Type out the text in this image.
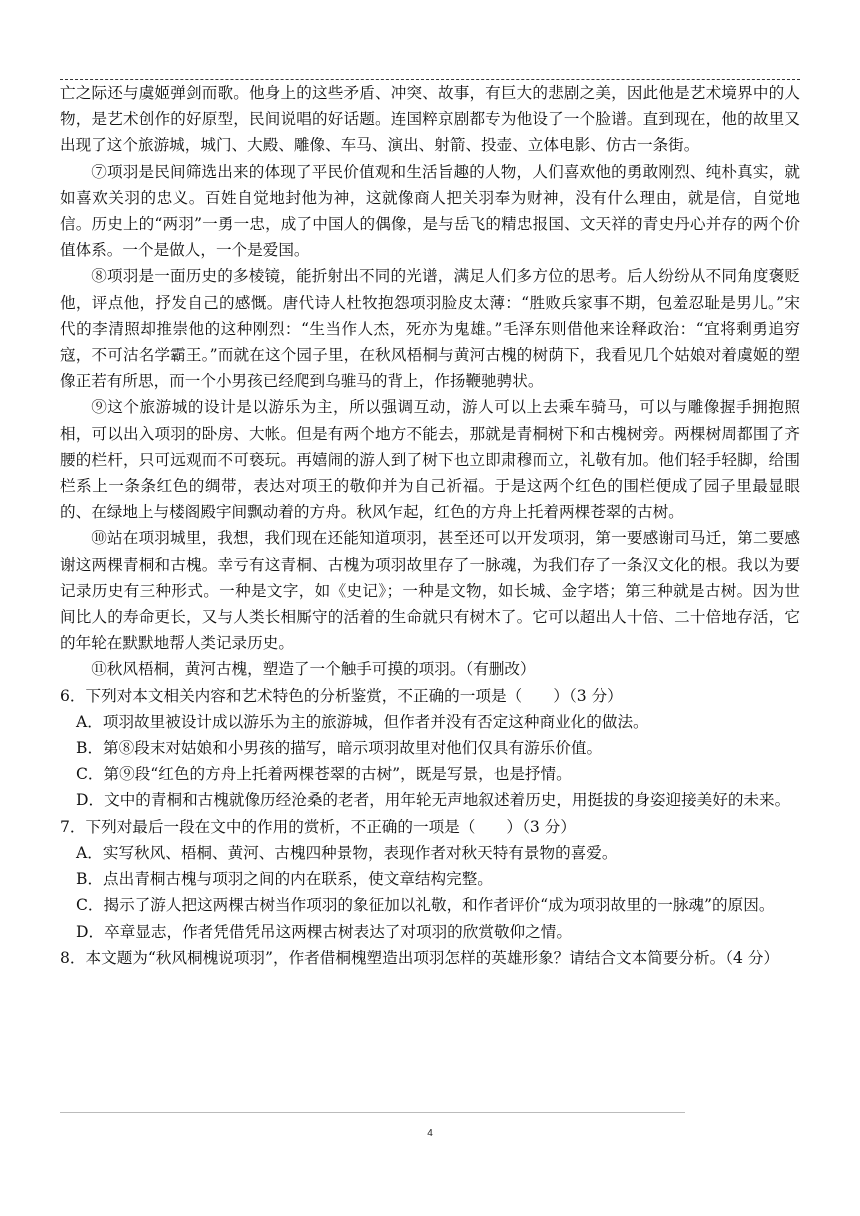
亡之际还与虞姬弹剑而歌。他身上的这些矛盾、冲突、故事，有巨大的悲剧之美，因此他是艺术境界中的人物，是艺术创作的好原型，民间说唱的好话题。连国粹京剧都专为他设了一个脸谱。直到现在，他的故里又出现了这个旅游城，城门、大殿、雕像、车马、演出、射箭、投壶、立体电影、仿古一条街。

⑦项羽是民间筛选出来的体现了平民价值观和生活旨趣的人物，人们喜欢他的勇敢刚烈、纯朴真实，就如喜欢关羽的忠义。百姓自觉地封他为神，这就像商人把关羽奉为财神，没有什么理由，就是信，自觉地信。历史上的“两羽”一勇一忠，成了中国人的偶像，是与岳飞的精忠报国、文天祥的青史丹心并存的两个价值体系。一个是做人，一个是爱国。

⑧项羽是一面历史的多棱镜，能折射出不同的光谱，满足人们多方位的思考。后人纷纷从不同角度褒贬他，评点他，抒发自己的感慨。唐代诗人杜牧抱怨项羽脸皮太薄：“胜败兵家事不期，包羞忍耻是男儿。”宋代的李清照却推崇他的这种刚烈：“生当作人杰，死亦为鬼雄。”毛泽东则借他来诠释政治：“宜将剩勇追穷寇，不可沽名学霸王。”而就在这个园子里，在秋风梧桐与黄河古槐的树荫下，我看见几个姑娘对着虞姬的塑像正若有所思，而一个小男孩已经爬到乌骓马的背上，作扬鞭驰骋状。

⑨这个旅游城的设计是以游乐为主，所以强调互动，游人可以上去乘车骑马，可以与雕像握手拥抱照相，可以出入项羽的卧房、大帐。但是有两个地方不能去，那就是青桐树下和古槐树旁。两棵树周都围了齐腰的栏杆，只可远观而不可亵玩。再嬉闹的游人到了树下也立即肃穆而立，礼敬有加。他们轻手轻脚，给围栏系上一条条红色的绸带，表达对项王的敬仰并为自己祈福。于是这两个红色的围栏便成了园子里最显眼的、在绿地上与楼阁殿宇间飘动着的方舟。秋风乍起，红色的方舟上托着两棵苍翠的古树。

⑩站在项羽城里，我想，我们现在还能知道项羽，甚至还可以开发项羽，第一要感谢司马迁，第二要感谢这两棵青桐和古槐。幸亏有这青桐、古槐为项羽故里存了一脉魂，为我们存了一条汉文化的根。我以为要记录历史有三种形式。一种是文字，如《史记》；一种是文物，如长城、金字塔；第三种就是古树。因为世间比人的寿命更长，又与人类长相厮守的活着的生命就只有树木了。它可以超出人十倍、二十倍地存活，它的年轮在默默地帮人类记录历史。

⑪秋风梧桐，黄河古槐，塑造了一个触手可摸的项羽。（有删改）

6．下列对本文相关内容和艺术特色的分析鉴赏，不正确的一项是（　　）（3 分）

A．项羽故里被设计成以游乐为主的旅游城，但作者并没有否定这种商业化的做法。

B．第⑧段末对姑娘和小男孩的描写，暗示项羽故里对他们仅具有游乐价值。

C．第⑨段“红色的方舟上托着两棵苍翠的古树”，既是写景，也是抒情。

D．文中的青桐和古槐就像历经沧桑的老者，用年轮无声地叙述着历史，用挺拔的身姿迎接美好的未来。

7．下列对最后一段在文中的作用的赏析，不正确的一项是（　　）（3 分）

A．实写秋风、梧桐、黄河、古槐四种景物，表现作者对秋天特有景物的喜爱。

B．点出青桐古槐与项羽之间的内在联系，使文章结构完整。

C．揭示了游人把这两棵古树当作项羽的象征加以礼敬，和作者评价“成为项羽故里的一脉魂”的原因。

D．卒章显志，作者凭借凭吊这两棵古树表达了对项羽的欣赏敬仰之情。

8．本文题为“秋风桐槐说项羽”，作者借桐槐塑造出项羽怎样的英雄形象？请结合文本简要分析。（4 分）

4
